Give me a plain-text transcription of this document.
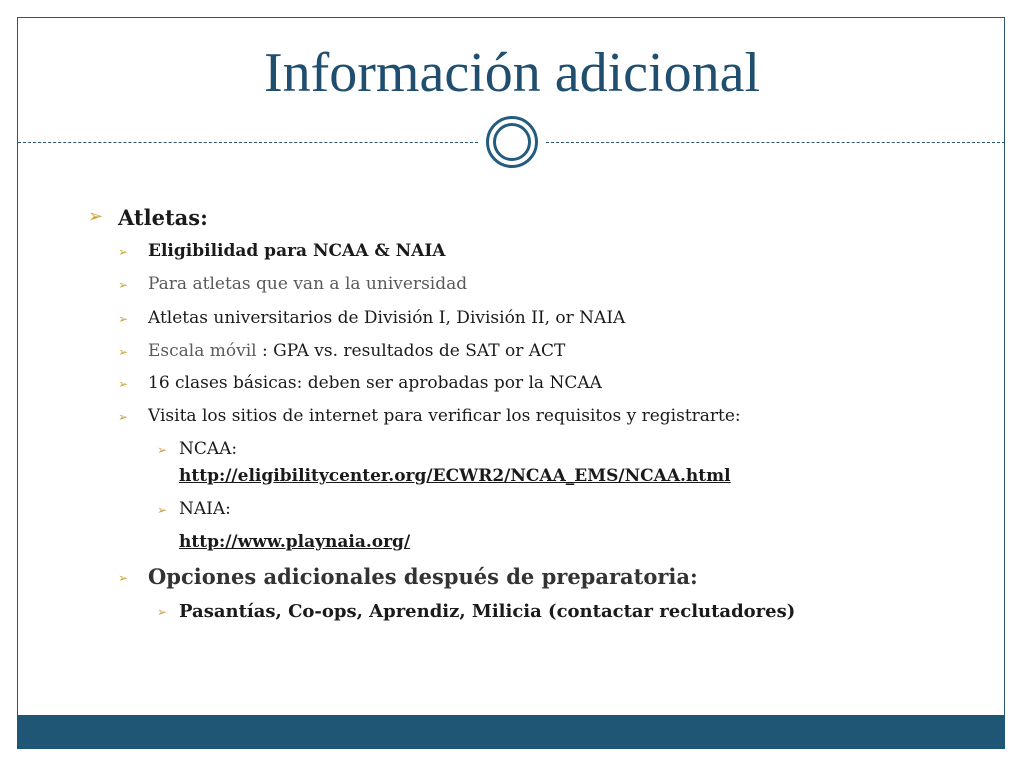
Información adicional
➢ Atletas:
➢ Eligibilidad para NCAA & NAIA
➢ Para atletas que van a la universidad
➢ Atletas universitarios de División I, División II, or NAIA
➢ Escala móvil : GPA vs. resultados de SAT or ACT
➢ 16 clases básicas: deben ser aprobadas por la NCAA
➢ Visita los sitios de internet para verificar los requisitos y registrarte:
➢ NCAA:
http://eligibilitycenter.org/ECWR2/NCAA_EMS/NCAA.html
➢ NAIA:
http://www.playnaia.org/
➢ Opciones adicionales después de preparatoria:
➢ Pasantías, Co-ops, Aprendiz, Milicia (contactar reclutadores)
